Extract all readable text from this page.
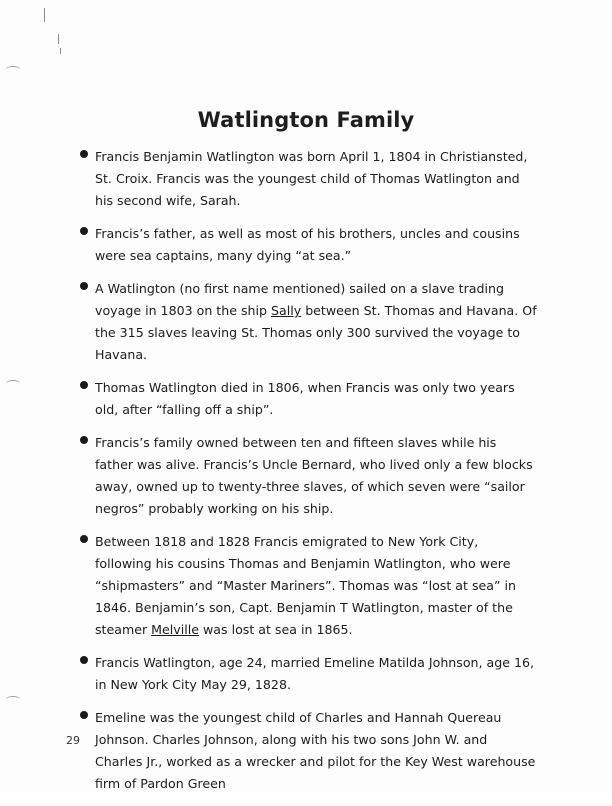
Watlington Family
Francis Benjamin Watlington was born April 1, 1804 in Christiansted, St. Croix. Francis was the youngest child of Thomas Watlington and his second wife, Sarah.
Francis’s father, as well as most of his brothers, uncles and cousins were sea captains, many dying “at sea.”
A Watlington (no first name mentioned) sailed on a slave trading voyage in 1803 on the ship Sally between St. Thomas and Havana. Of the 315 slaves leaving St. Thomas only 300 survived the voyage to Havana.
Thomas Watlington died in 1806, when Francis was only two years old, after “falling off a ship”.
Francis’s family owned between ten and fifteen slaves while his father was alive. Francis’s Uncle Bernard, who lived only a few blocks away, owned up to twenty-three slaves, of which seven were “sailor negros” probably working on his ship.
Between 1818 and 1828 Francis emigrated to New York City, following his cousins Thomas and Benjamin Watlington, who were “shipmasters” and “Master Mariners”. Thomas was “lost at sea” in 1846. Benjamin’s son, Capt. Benjamin T Watlington, master of the steamer Melville was lost at sea in 1865.
Francis Watlington, age 24, married Emeline Matilda Johnson, age 16, in New York City May 29, 1828.
Emeline was the youngest child of Charles and Hannah Quereau Johnson. Charles Johnson, along with his two sons John W. and Charles Jr., worked as a wrecker and pilot for the Key West warehouse firm of Pardon Green
29
